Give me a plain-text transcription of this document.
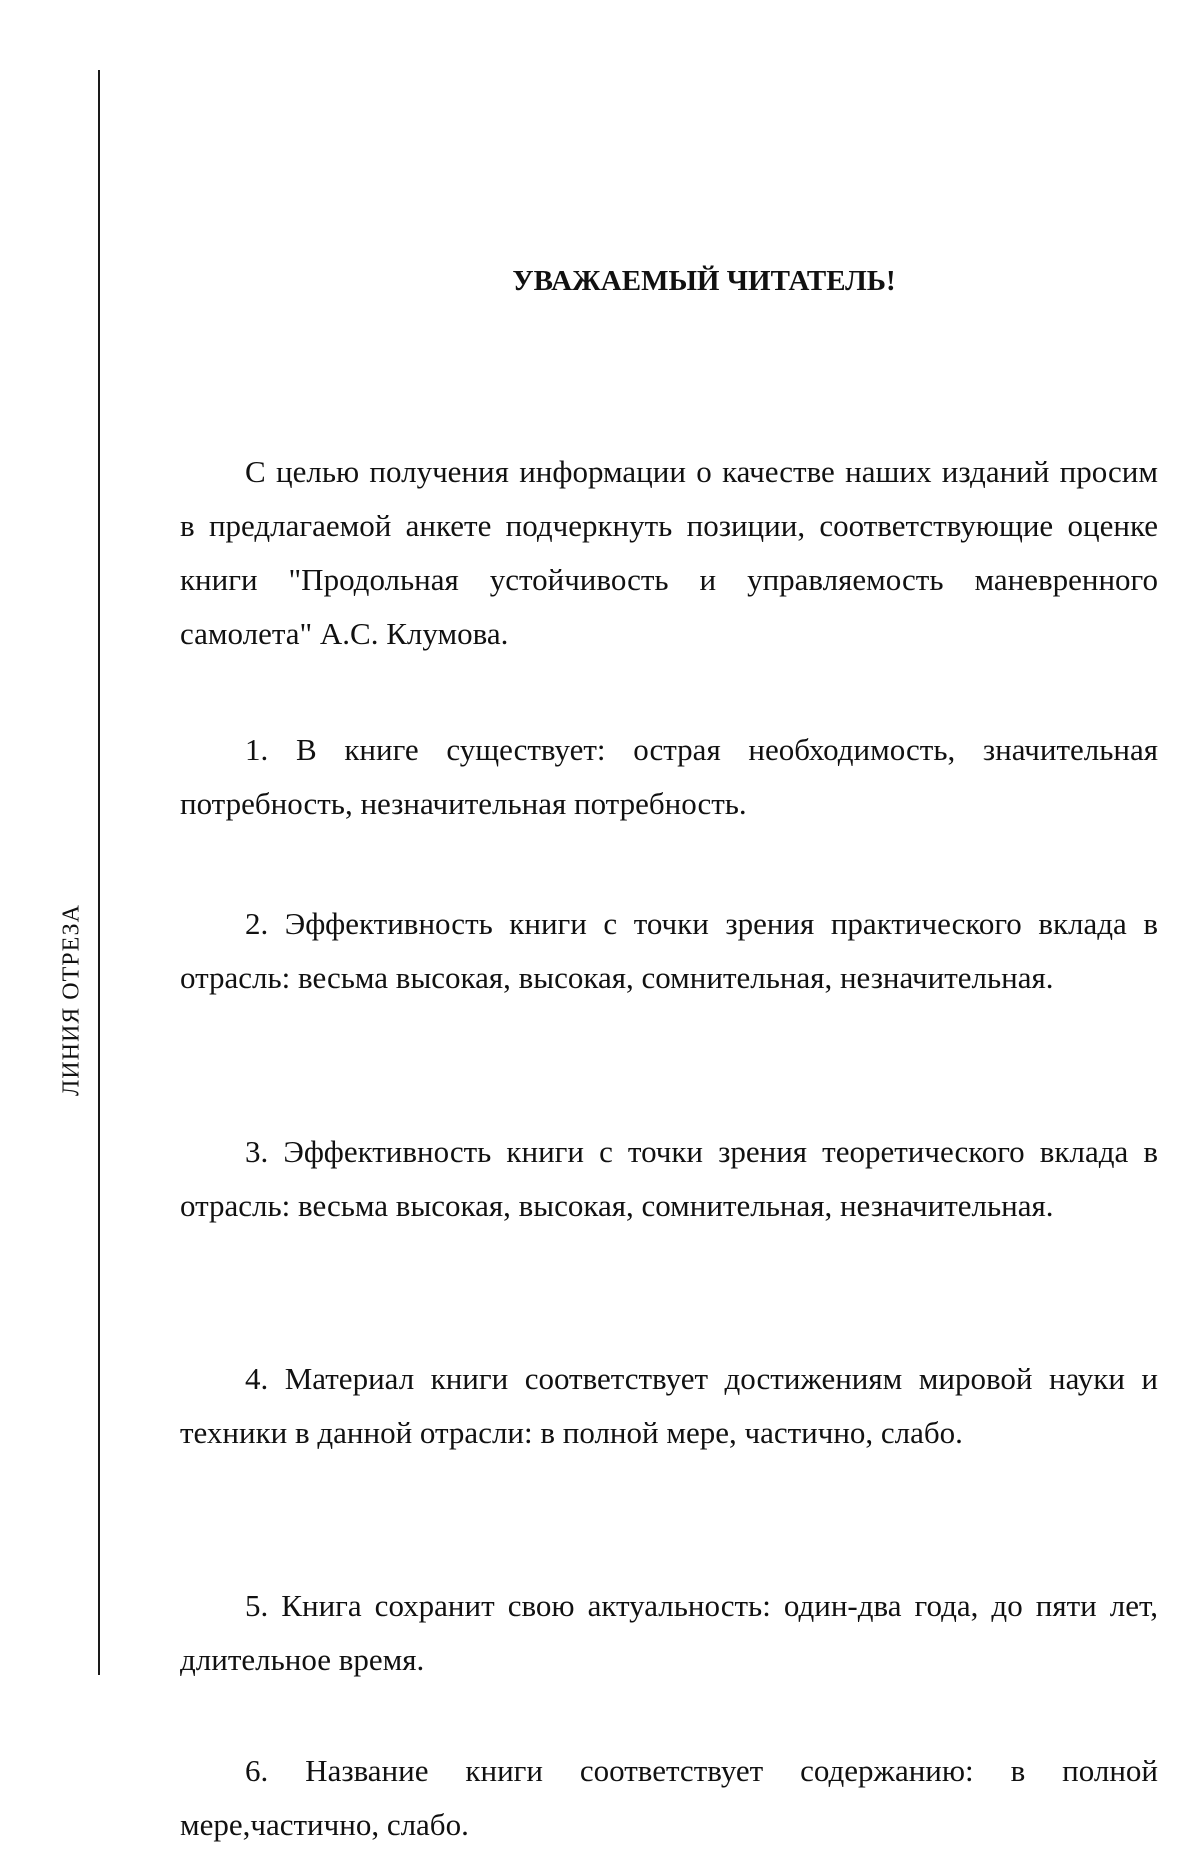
ЛИНИЯ ОТРЕЗА
УВАЖАЕМЫЙ ЧИТАТЕЛЬ!

С целью получения информации о качестве наших изданий просим в предлагаемой анкете подчеркнуть позиции, соответствующие оценке книги "Продольная устойчивость и управляемость маневренного самолета" А.С. Клумова.

1. В книге существует: острая необходимость, значительная потребность, незначительная потребность.

2. Эффективность книги с точки зрения практического вклада в отрасль: весьма высокая, высокая, сомнительная, незначительная.

3. Эффективность книги с точки зрения теоретического вклада в отрасль: весьма высокая, высокая, сомнительная, незначительная.

4. Материал книги соответствует достижениям мировой науки и техники в данной отрасли: в полной мере, частично, слабо.

5. Книга сохранит свою актуальность: один-два года, до пяти лет, длительное время.

6. Название книги соответствует содержанию: в полной мере,частично, слабо.
